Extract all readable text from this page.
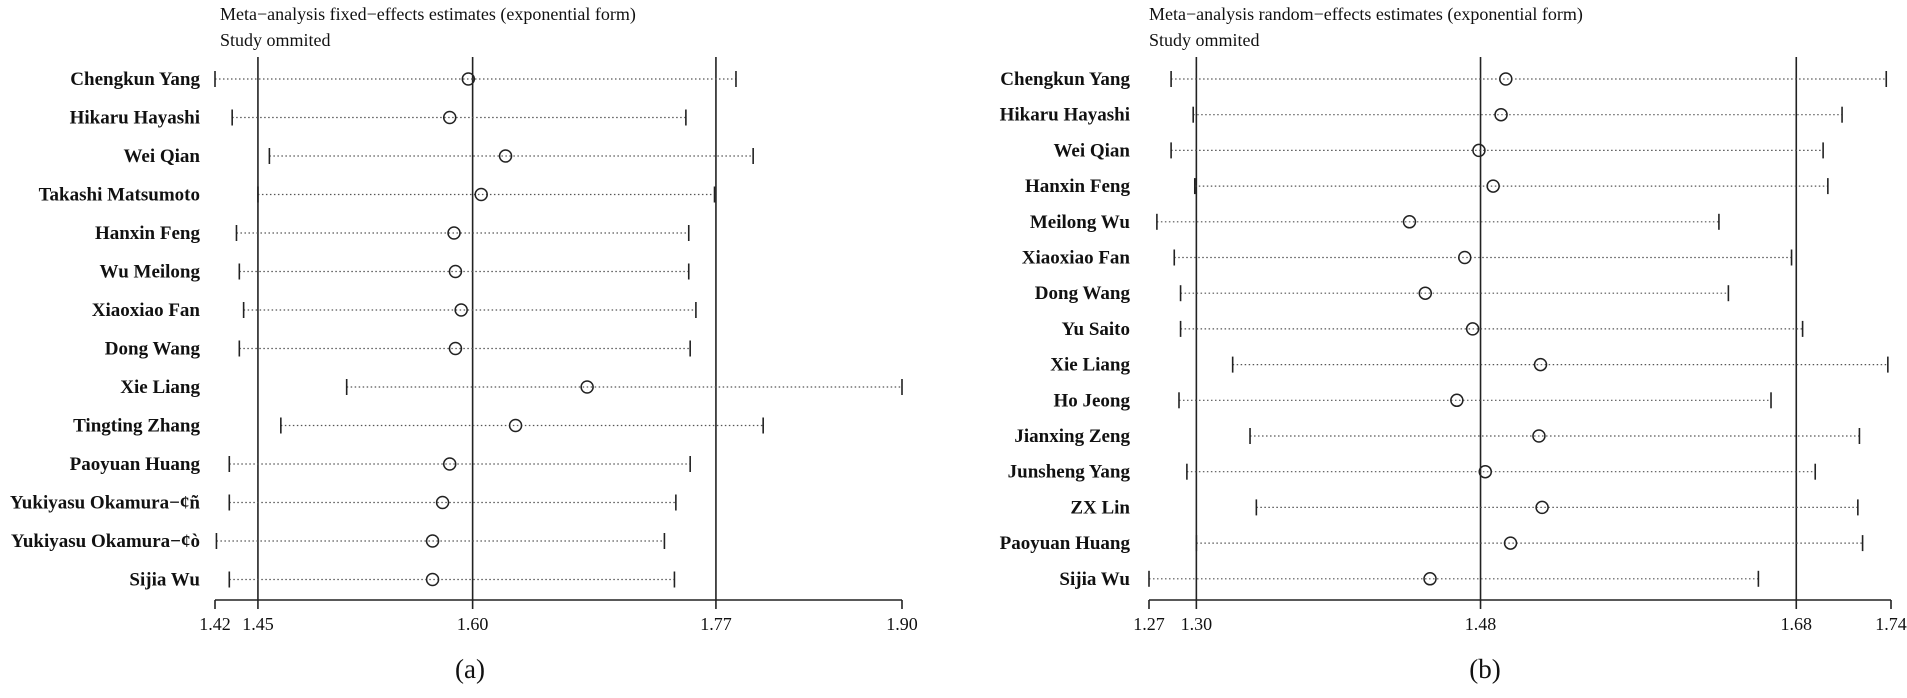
Meta−analysis fixed−effects estimates (exponential form)
Study ommited
1.42 1.45	1.60	1.77	1.90
Chengkun Yang
Hikaru Hayashi
Wei Qian
Takashi Matsumoto
Hanxin Feng
Wu Meilong
Xiaoxiao Fan
Dong Wang
Xie Liang
Tingting Zhang
Paoyuan Huang
Yukiyasu Okamura−¢ñ
Yukiyasu Okamura−¢ò
Sijia Wu
(a)
Meta−analysis random−effects estimates (exponential form)
Study ommited
1.27 1.30	1.48	1.68	1.74
Chengkun Yang
Hikaru Hayashi
Wei Qian
Hanxin Feng
Meilong Wu
Xiaoxiao Fan
Dong Wang
Yu Saito
Xie Liang
Ho Jeong
Jianxing Zeng
Junsheng Yang
ZX Lin
Paoyuan Huang
Sijia Wu
(b)
